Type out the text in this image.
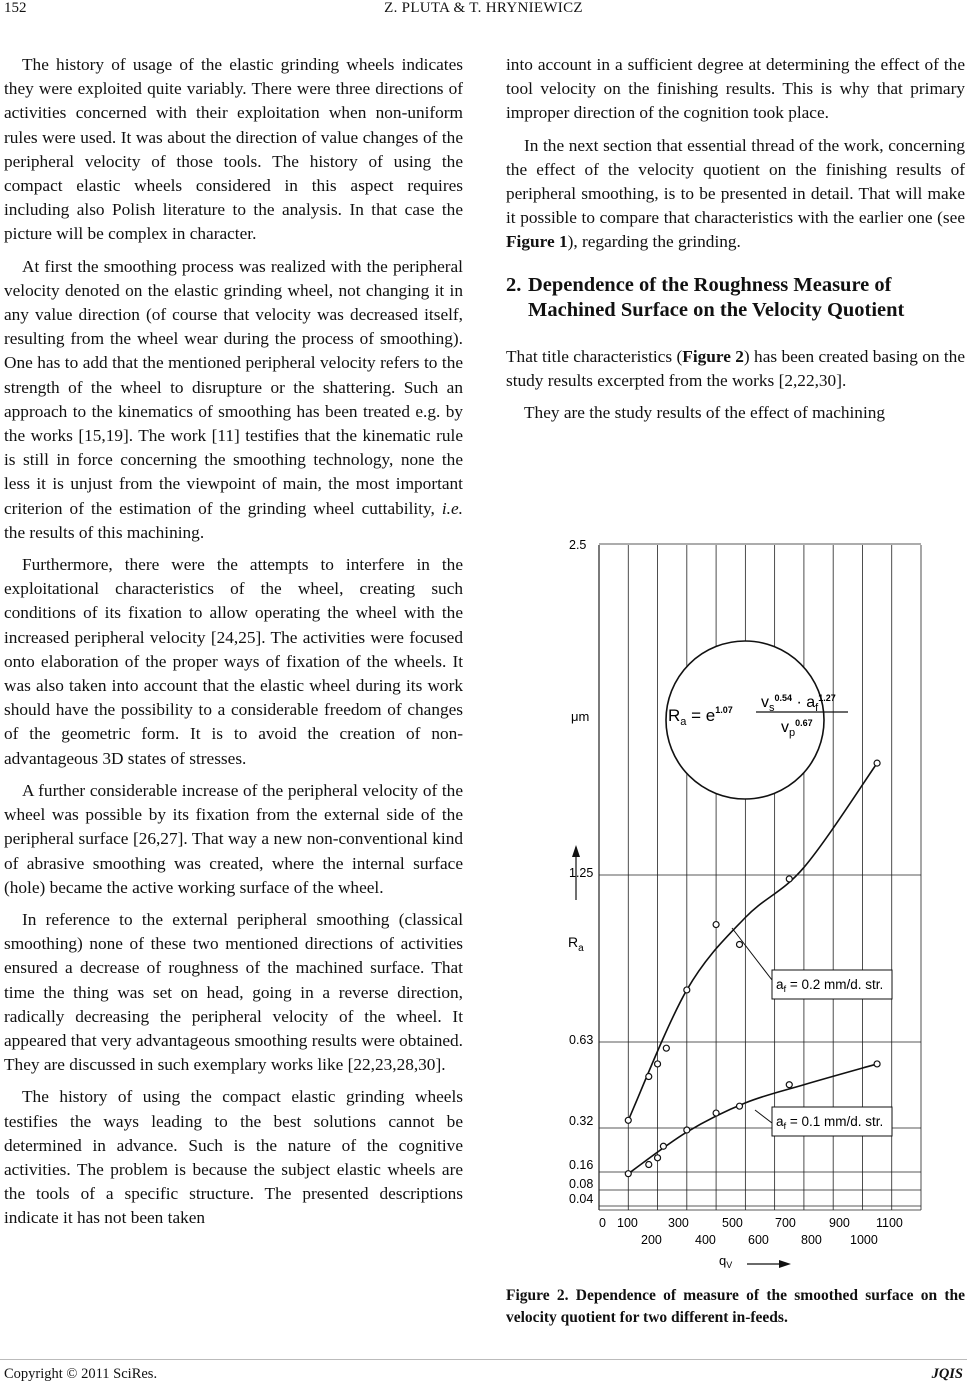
152	Z. PLUTA & T. HRYNIEWICZ

The history of usage of the elastic grinding wheels indicates they were exploited quite variably. There were three directions of activities concerned with their exploitation when non-uniform rules were used. It was about the direction of value changes of the peripheral velocity of those tools. The history of using the compact elastic wheels considered in this aspect requires including also Polish literature to the analysis. In that case the picture will be complex in character.

At first the smoothing process was realized with the peripheral velocity denoted on the elastic grinding wheel, not changing it in any value direction (of course that velocity was decreased itself, resulting from the wheel wear during the process of smoothing). One has to add that the mentioned peripheral velocity refers to the strength of the wheel to disrupture or the shattering. Such an approach to the kinematics of smoothing has been treated e.g. by the works [15,19]. The work [11] testifies that the kinematic rule is still in force concerning the smoothing technology, none the less it is unjust from the viewpoint of main, the most important criterion of the estimation of the grinding wheel cuttability, i.e. the results of this machining.

Furthermore, there were the attempts to interfere in the exploitational characteristics of the wheel, creating such conditions of its fixation to allow operating the wheel with the increased peripheral velocity [24,25]. The activities were focused onto elaboration of the proper ways of fixation of the wheels. It was also taken into account that the elastic wheel during its work should have the possibility to a considerable freedom of changes of the geometric form. It is to avoid the creation of non-advantageous 3D states of stresses.

A further considerable increase of the peripheral velocity of the wheel was possible by its fixation from the external side of the peripheral surface [26,27]. That way a new non-conventional kind of abrasive smoothing was created, where the internal surface (hole) became the active working surface of the wheel.

In reference to the external peripheral smoothing (classical smoothing) none of these two mentioned directions of activities ensured a decrease of roughness of the machined surface. That time the thing was set on head, going in a reverse direction, radically decreasing the peripheral velocity of the wheel. It appeared that very advantageous smoothing results were obtained. They are discussed in such exemplary works like [22,23,28,30].

The history of using the compact elastic grinding wheels testifies the ways leading to the best solutions cannot be determined in advance. Such is the nature of the cognitive activities. The problem is because the subject elastic wheels are the tools of a specific structure. The presented descriptions indicate it has not been taken

into account in a sufficient degree at determining the effect of the tool velocity on the finishing results. This is why that primary improper direction of the cognition took place.

In the next section that essential thread of the work, concerning the effect of the velocity quotient on the finishing results of peripheral smoothing, is to be presented in detail. That will make it possible to compare that characteristics with the earlier one (see Figure 1), regarding the grinding.

2. Dependence of the Roughness Measure of Machined Surface on the Velocity Quotient

That title characteristics (Figure 2) has been created basing on the study results excerpted from the works [2,22,30].

They are the study results of the effect of machining

2.5
1.25
0.63
0.32
0.16
0.08
0.04
μm
$R_a$
0 100 300	500	700	900 1100
200	400	600	800 1000
$q_V$
$R_a = e^{1.07}$ $v_s^{0.54} \cdot a_f^{1.27}$
$v_p^{0.67}$
$a_f = 0.2$ mm/d. str.
$a_f = 0.1$ mm/d. str.
Figure 2. Dependence of measure of the smoothed surface on the velocity quotient for two different in-feeds.
Copyright © 2011 SciRes.	JQIS
